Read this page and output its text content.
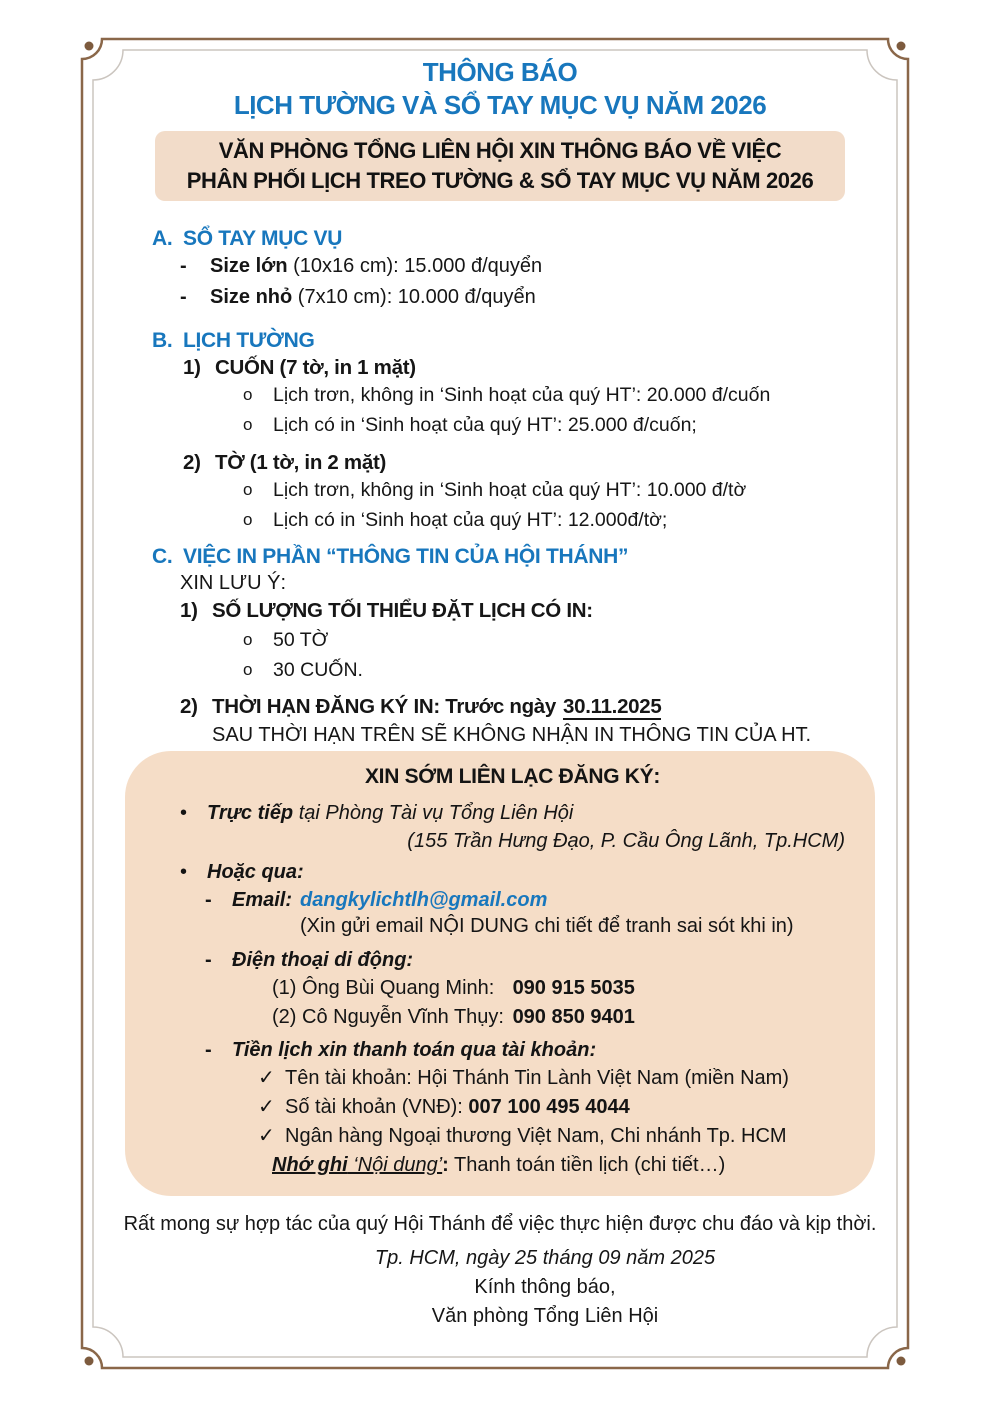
THÔNG BÁO
LỊCH TƯỜNG VÀ SỔ TAY MỤC VỤ NĂM 2026
VĂN PHÒNG TỔNG LIÊN HỘI XIN THÔNG BÁO VỀ VIỆC
PHÂN PHỐI LỊCH TREO TƯỜNG & SỔ TAY MỤC VỤ NĂM 2026
A. SỔ TAY MỤC VỤ
-	Size lớn (10x16 cm): 15.000 đ/quyển
-	Size nhỏ (7x10 cm): 10.000 đ/quyển
B. LỊCH TƯỜNG
1) CUỐN (7 tờ, in 1 mặt)
o	Lịch trơn, không in ‘Sinh hoạt của quý HT’: 20.000 đ/cuốn
o	Lịch có in ‘Sinh hoạt của quý HT’: 25.000 đ/cuốn;
2) TỜ (1 tờ, in 2 mặt)
o	Lịch trơn, không in ‘Sinh hoạt của quý HT’: 10.000 đ/tờ
o	Lịch có in ‘Sinh hoạt của quý HT’: 12.000đ/tờ;
C. VIỆC IN PHẦN “THÔNG TIN CỦA HỘI THÁNH”
XIN LƯU Ý:
1) SỐ LƯỢNG TỐI THIỂU ĐẶT LỊCH CÓ IN:
o	50 TỜ
o	30 CUỐN.
2) THỜI HẠN ĐĂNG KÝ IN: Trước ngày 30.11.2025
SAU THỜI HẠN TRÊN SẼ KHÔNG NHẬN IN THÔNG TIN CỦA HT.
XIN SỚM LIÊN LẠC ĐĂNG KÝ:
• Trực tiếp tại Phòng Tài vụ Tổng Liên Hội
(155 Trần Hưng Đạo, P. Cầu Ông Lãnh, Tp.HCM)
• Hoặc qua:
-	Email: dangkylichtlh@gmail.com
(Xin gửi email NỘI DUNG chi tiết để tranh sai sót khi in)
-	Điện thoại di động:
(1) Ông Bùi Quang Minh: 090 915 5035
(2) Cô Nguyễn Vĩnh Thụy: 090 850 9401
-	Tiền lịch xin thanh toán qua tài khoản:
✓ Tên tài khoản: Hội Thánh Tin Lành Việt Nam (miền Nam)
✓ Số tài khoản (VNĐ): 007 100 495 4044
✓ Ngân hàng Ngoại thương Việt Nam, Chi nhánh Tp. HCM
Nhớ ghi ‘Nội dung’: Thanh toán tiền lịch (chi tiết…)
Rất mong sự hợp tác của quý Hội Thánh để việc thực hiện được chu đáo và kịp thời.
Tp. HCM, ngày 25 tháng 09 năm 2025
Kính thông báo,
Văn phòng Tổng Liên Hội
